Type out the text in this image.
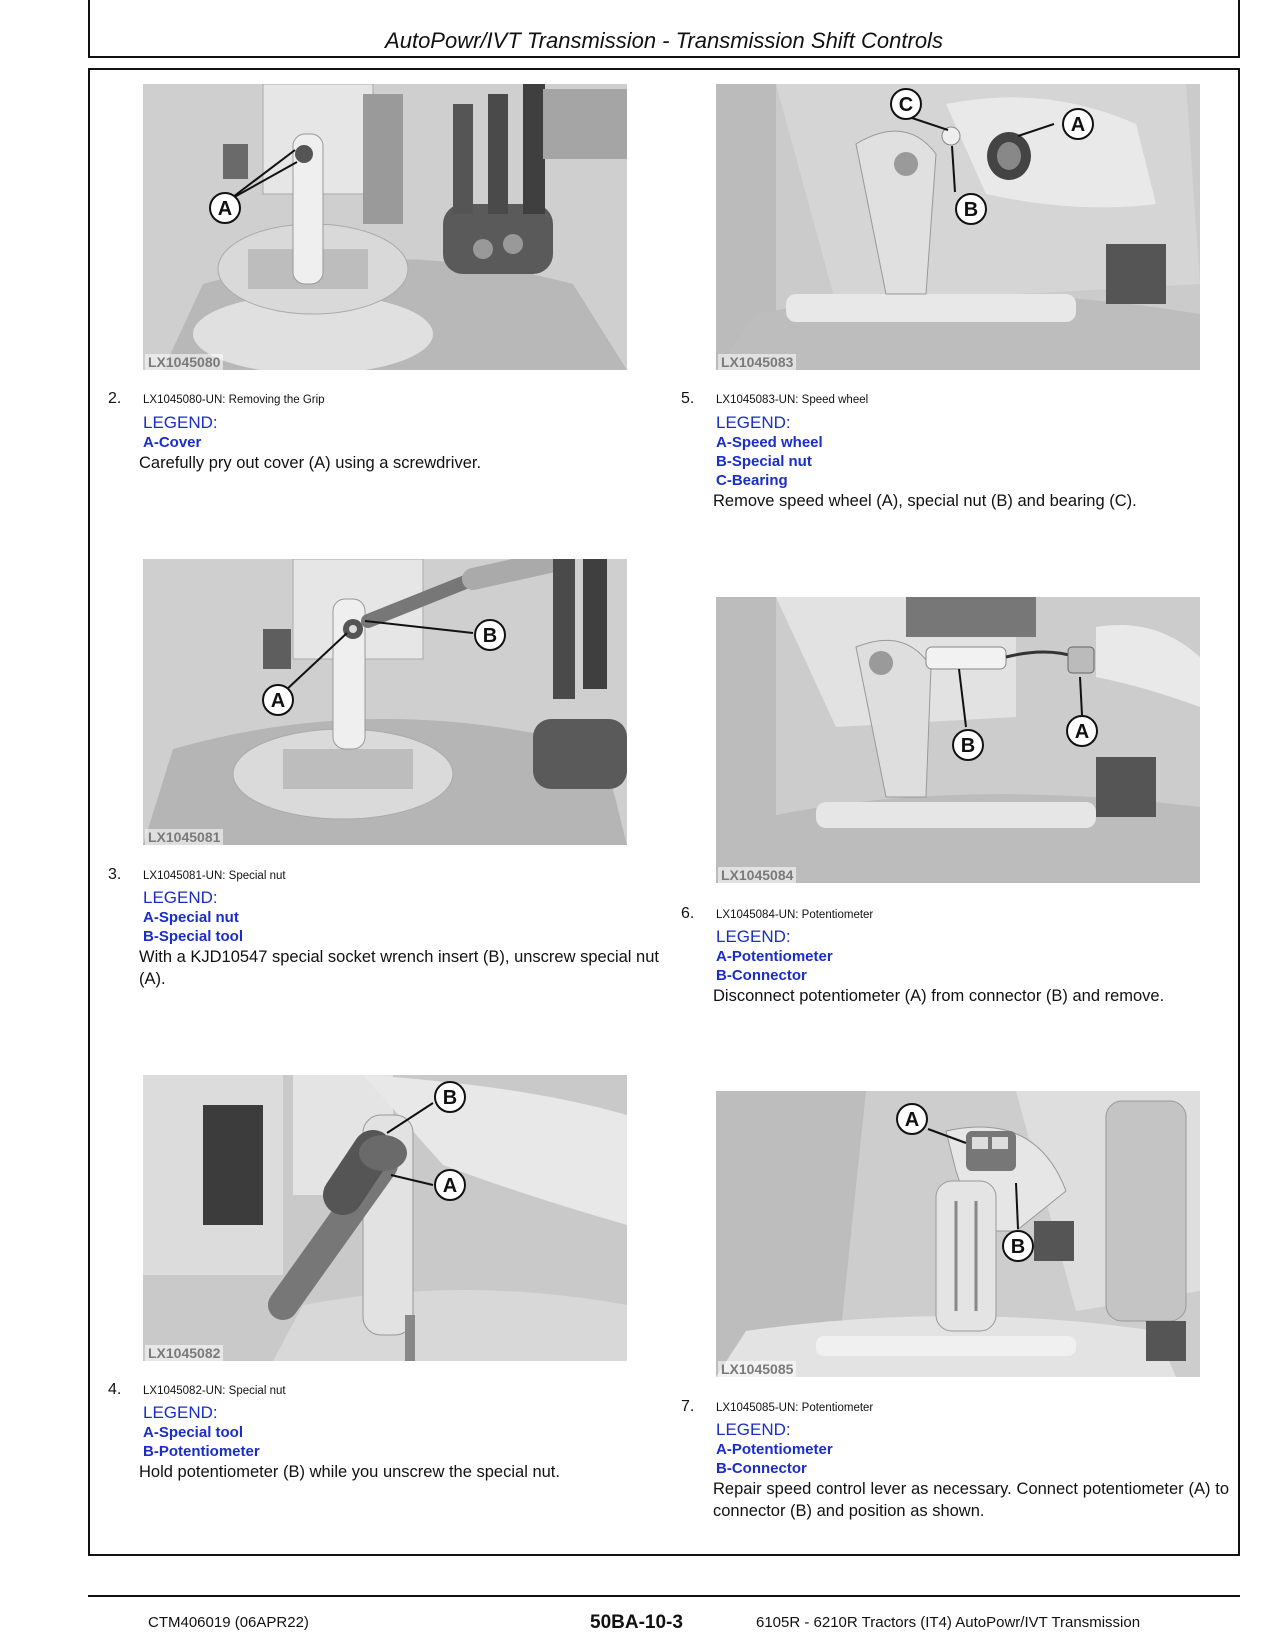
AutoPowr/IVT Transmission - Transmission Shift Controls
A
LX1045080
2. LX1045080-UN: Removing the Grip
LEGEND:
A-Cover
Carefully pry out cover (A) using a screwdriver.
A
B
LX1045081
3. LX1045081-UN: Special nut
LEGEND:
A-Special nut
B-Special tool
With a KJD10547 special socket wrench insert (B), unscrew special nut (A).
B
A
LX1045082
4. LX1045082-UN: Special nut
LEGEND:
A-Special tool
B-Potentiometer
Hold potentiometer (B) while you unscrew the special nut.
C
B
A
LX1045083
5. LX1045083-UN: Speed wheel
LEGEND:
A-Speed wheel
B-Special nut
C-Bearing
Remove speed wheel (A), special nut (B) and bearing (C).
B
A
LX1045084
6. LX1045084-UN: Potentiometer
LEGEND:
A-Potentiometer
B-Connector
Disconnect potentiometer (A) from connector (B) and remove.
A
B
LX1045085
7. LX1045085-UN: Potentiometer
LEGEND:
A-Potentiometer
B-Connector
Repair speed control lever as necessary. Connect potentiometer (A) to connector (B) and position as shown.
CTM406019 (06APR22)	50BA-10-3	6105R - 6210R Tractors (IT4) AutoPowr/IVT Transmission
